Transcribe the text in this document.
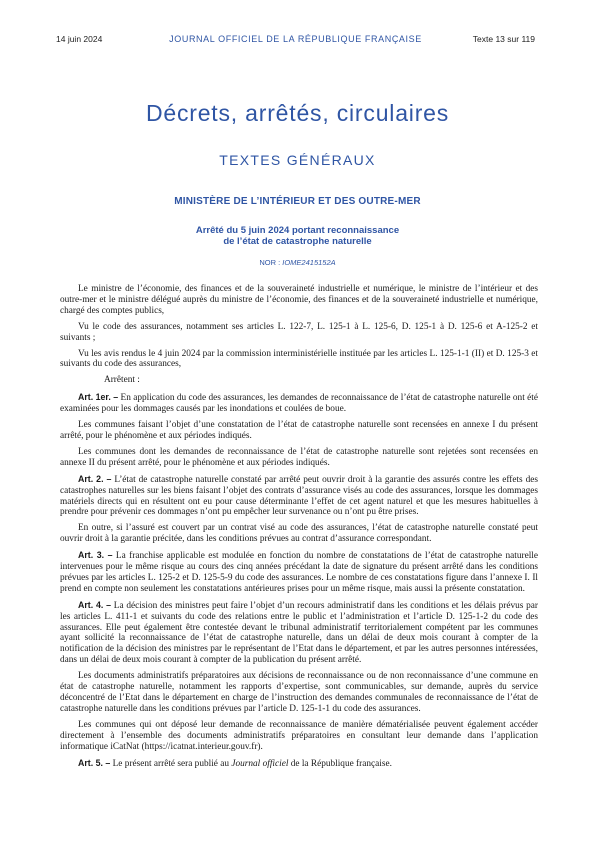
14 juin 2024	JOURNAL OFFICIEL DE LA RÉPUBLIQUE FRANÇAISE	Texte 13 sur 119
Décrets, arrêtés, circulaires
TEXTES GÉNÉRAUX
MINISTÈRE DE L’INTÉRIEUR ET DES OUTRE-MER
Arrêté du 5 juin 2024 portant reconnaissance
de l’état de catastrophe naturelle
NOR : IOME2415152A

Le ministre de l’économie, des finances et de la souveraineté industrielle et numérique, le ministre de l’intérieur et des outre-mer et le ministre délégué auprès du ministre de l’économie, des finances et de la souveraineté industrielle et numérique, chargé des comptes publics,

Vu le code des assurances, notamment ses articles L. 122-7, L. 125-1 à L. 125-6, D. 125-1 à D. 125-6 et A-125-2 et suivants ;

Vu les avis rendus le 4 juin 2024 par la commission interministérielle instituée par les articles L. 125-1-1 (II) et D. 125-3 et suivants du code des assurances,

Arrêtent :

Art. 1er. – En application du code des assurances, les demandes de reconnaissance de l’état de catastrophe naturelle ont été examinées pour les dommages causés par les inondations et coulées de boue.

Les communes faisant l’objet d’une constatation de l’état de catastrophe naturelle sont recensées en annexe I du présent arrêté, pour le phénomène et aux périodes indiqués.

Les communes dont les demandes de reconnaissance de l’état de catastrophe naturelle sont rejetées sont recensées en annexe II du présent arrêté, pour le phénomène et aux périodes indiqués.

Art. 2. – L’état de catastrophe naturelle constaté par arrêté peut ouvrir droit à la garantie des assurés contre les effets des catastrophes naturelles sur les biens faisant l’objet des contrats d’assurance visés au code des assurances, lorsque les dommages matériels directs qui en résultent ont eu pour cause déterminante l’effet de cet agent naturel et que les mesures habituelles à prendre pour prévenir ces dommages n’ont pu empêcher leur survenance ou n’ont pu être prises.

En outre, si l’assuré est couvert par un contrat visé au code des assurances, l’état de catastrophe naturelle constaté peut ouvrir droit à la garantie précitée, dans les conditions prévues au contrat d’assurance correspondant.

Art. 3. – La franchise applicable est modulée en fonction du nombre de constatations de l’état de catastrophe naturelle intervenues pour le même risque au cours des cinq années précédant la date de signature du présent arrêté dans les conditions prévues par les articles L. 125-2 et D. 125-5-9 du code des assurances. Le nombre de ces constatations figure dans l’annexe I. Il prend en compte non seulement les constatations antérieures prises pour un même risque, mais aussi la présente constatation.

Art. 4. – La décision des ministres peut faire l’objet d’un recours administratif dans les conditions et les délais prévus par les articles L. 411-1 et suivants du code des relations entre le public et l’administration et l’article D. 125-1-2 du code des assurances. Elle peut également être contestée devant le tribunal administratif territorialement compétent par les communes ayant sollicité la reconnaissance de l’état de catastrophe naturelle, dans un délai de deux mois courant à compter de la notification de la décision des ministres par le représentant de l’Etat dans le département, et par les autres personnes intéressées, dans un délai de deux mois courant à compter de la publication du présent arrêté.

Les documents administratifs préparatoires aux décisions de reconnaissance ou de non reconnaissance d’une commune en état de catastrophe naturelle, notamment les rapports d’expertise, sont communicables, sur demande, auprès du service déconcentré de l’Etat dans le département en charge de l’instruction des demandes communales de reconnaissance de l’état de catastrophe naturelle dans les conditions prévues par l’article D. 125-1-1 du code des assurances.

Les communes qui ont déposé leur demande de reconnaissance de manière dématérialisée peuvent également accéder directement à l’ensemble des documents administratifs préparatoires en consultant leur demande dans l’application informatique iCatNat (https://icatnat.interieur.gouv.fr).

Art. 5. – Le présent arrêté sera publié au Journal officiel de la République française.
